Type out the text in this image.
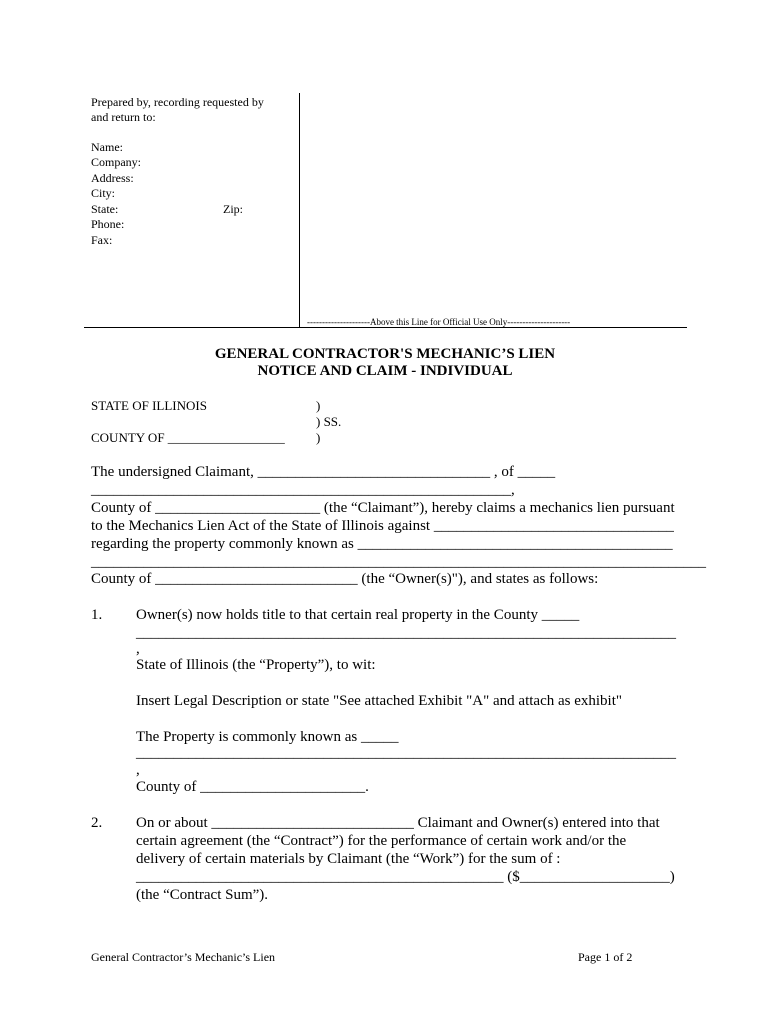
Prepared by, recording requested by
and return to:
Name:
Company:
Address:
City:
State:	Zip:
Phone:
Fax:
---------------------Above this Line for Official Use Only---------------------
GENERAL CONTRACTOR'S MECHANIC’S LIEN
NOTICE AND CLAIM - INDIVIDUAL
STATE OF ILLINOIS	)
) SS.
COUNTY OF __________________ )
The undersigned Claimant, _______________________________ , of _____
________________________________________________________,
County of ______________________ (the “Claimant”), hereby claims a mechanics lien pursuant
to the Mechanics Lien Act of the State of Illinois against ________________________________
regarding the property commonly known as __________________________________________
__________________________________________________________________________________
County of ___________________________ (the “Owner(s)"), and states as follows:
1. Owner(s) now holds title to that certain real property in the County _____
________________________________________________________________________
,
State of Illinois (the “Property”), to wit:
Insert Legal Description or state "See attached Exhibit "A" and attach as exhibit"
The Property is commonly known as _____
________________________________________________________________________
,
County of ______________________.
2. On or about ___________________________ Claimant and Owner(s) entered into that
certain agreement (the “Contract”) for the performance of certain work and/or the
delivery of certain materials by Claimant (the “Work”) for the sum of :
_________________________________________________ ($____________________)
(the “Contract Sum”).
General Contractor’s Mechanic’s Lien	Page 1 of 2
